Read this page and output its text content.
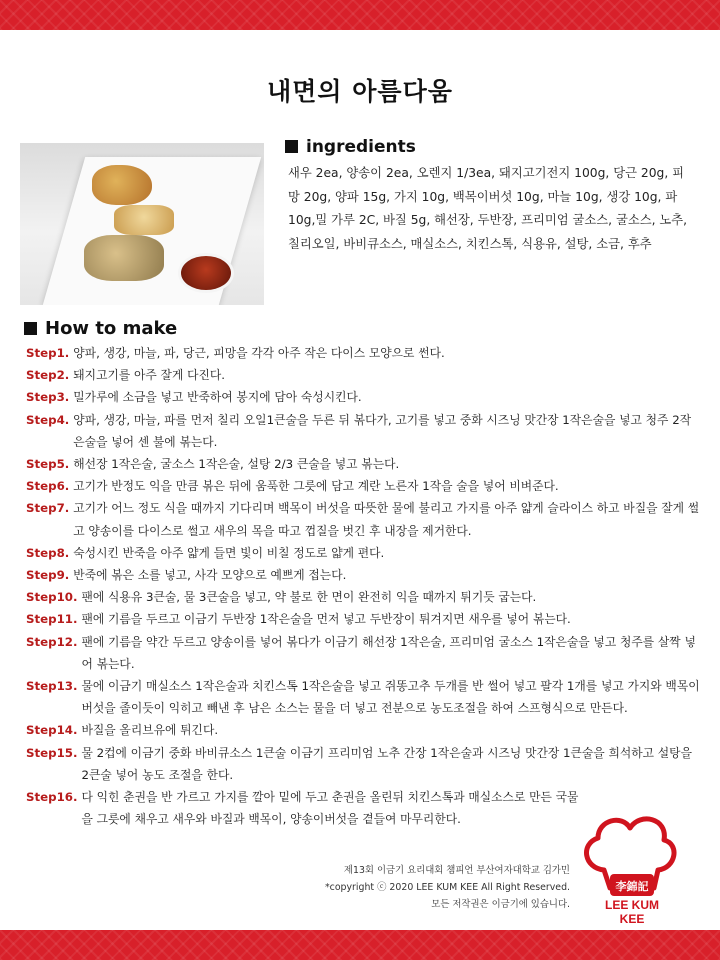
내면의 아름다움
ingredients

새우 2ea, 양송이 2ea, 오렌지 1/3ea, 돼지고기전지 100g, 당근 20g, 피망 20g, 양파 15g, 가지 10g, 백목이버섯 10g, 마늘 10g, 생강 10g, 파 10g,밀 가루 2C, 바질 5g, 해선장, 두반장, 프리미엄 굴소스, 굴소스, 노추, 칠리오일, 바비큐소스, 매실소스, 치킨스톡, 식용유, 설탕, 소금, 후추

How to make
Step1. 양파, 생강, 마늘, 파, 당근, 피망을 각각 아주 작은 다이스 모양으로 썬다.
Step2. 돼지고기를 아주 잘게 다진다.
Step3. 밀가루에 소금을 넣고 반죽하여 봉지에 담아 숙성시킨다.
Step4. 양파, 생강, 마늘, 파를 먼저 칠리 오일1큰술을 두른 뒤 볶다가, 고기를 넣고 중화 시즈닝 맛간장 1작은술을 넣고 청주 2작은술을 넣어 센 불에 볶는다.
Step5. 해선장 1작은술, 굴소스 1작은술, 설탕 2/3 큰술을 넣고 볶는다.
Step6. 고기가 반정도 익을 만큼 볶은 뒤에 움푹한 그릇에 담고 계란 노른자 1작을 술을 넣어 비벼준다.
Step7. 고기가 어느 정도 식을 때까지 기다리며 백목이 버섯을 따뜻한 물에 불리고 가지를 아주 얇게 슬라이스 하고 바질을 잘게 썰고 양송이를 다이스로 썰고 새우의 목을 따고 껍질을 벗긴 후 내장을 제거한다.
Step8. 숙성시킨 반죽을 아주 얇게 들면 빛이 비칠 정도로 얇게 편다.
Step9. 반죽에 볶은 소를 넣고, 사각 모양으로 예쁘게 접는다.
Step10. 팬에 식용유 3큰술, 물 3큰술을 넣고, 약 불로 한 면이 완전히 익을 때까지 튀기듯 굽는다.
Step11. 팬에 기름을 두르고 이금기 두반장 1작은술을 먼저 넣고 두반장이 튀겨지면 새우를 넣어 볶는다.
Step12. 팬에 기름을 약간 두르고 양송이를 넣어 볶다가 이금기 해선장 1작은술, 프리미엄 굴소스 1작은술을 넣고 청주를 살짝 넣어 볶는다.
Step13. 물에 이금기 매실소스 1작은술과 치킨스톡 1작은술을 넣고 쥐똥고추 두개를 반 썰어 넣고 팔각 1개를 넣고 가지와 백목이 버섯을 졸이듯이 익히고 빼낸 후 남은 소스는 물을 더 넣고 전분으로 농도조절을 하여 스프형식으로 만든다.
Step14. 바질을 올리브유에 튀긴다.
Step15. 물 2컵에 이금기 중화 바비큐소스 1큰술 이금기 프리미엄 노추 간장 1작은술과 시즈닝 맛간장 1큰술을 희석하고 설탕을 2큰술 넣어 농도 조절을 한다.
Step16. 다 익힌 춘권을 반 가르고 가지를 깔아 밑에 두고 춘권을 올린뒤 치킨스톡과 매실소스로 만든 국물을 그릇에 채우고 새우와 바질과 백목이, 양송이버섯을 곁들여 마무리한다.
제13회 이금기 요리대회 챔피언 부산여자대학교 김가민
*copyright ⓒ 2020 LEE KUM KEE All Right Reserved.
모든 저작권은 이금기에 있습니다.
李錦記
LEE KUM KEE
